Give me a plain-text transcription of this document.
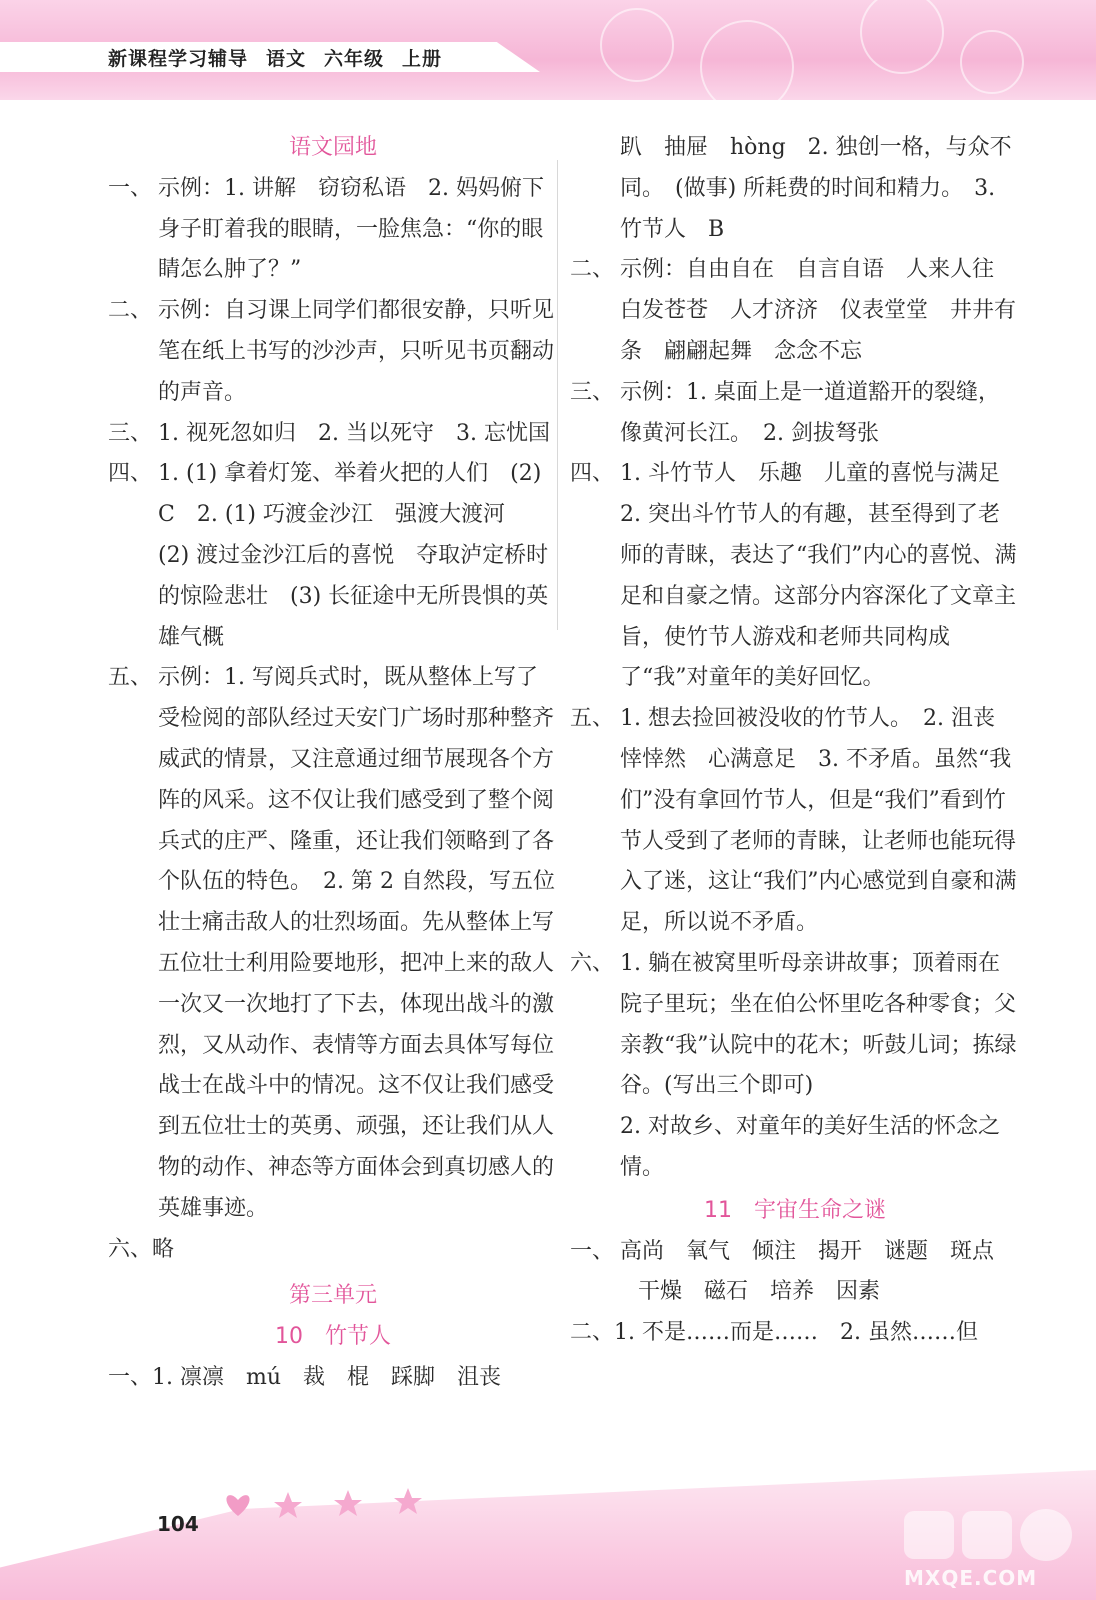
新课程学习辅导 语文 六年级 上册
语文园地
一、 示例：1. 讲解　窃窃私语　2. 妈妈俯下身子盯着我的眼睛，一脸焦急：“你的眼睛怎么肿了？”
二、 示例：自习课上同学们都很安静，只听见笔在纸上书写的沙沙声，只听见书页翻动的声音。
三、 1. 视死忽如归　2. 当以死守　3. 忘忧国
四、 1. (1) 拿着灯笼、举着火把的人们　(2) C　2. (1) 巧渡金沙江　强渡大渡河　(2) 渡过金沙江后的喜悦　夺取泸定桥时的惊险悲壮　(3) 长征途中无所畏惧的英雄气概
五、 示例：1. 写阅兵式时，既从整体上写了受检阅的部队经过天安门广场时那种整齐威武的情景，又注意通过细节展现各个方阵的风采。这不仅让我们感受到了整个阅兵式的庄严、隆重，还让我们领略到了各个队伍的特色。　2. 第 2 自然段，写五位壮士痛击敌人的壮烈场面。先从整体上写五位壮士利用险要地形，把冲上来的敌人一次又一次地打了下去，体现出战斗的激烈，又从动作、表情等方面去具体写每位战士在战斗中的情况。这不仅让我们感受到五位壮士的英勇、顽强，还让我们从人物的动作、神态等方面体会到真切感人的英雄事迹。
六、略
第三单元
10　竹节人
一、1. 凛凛　mú　裁　棍　踩脚　沮丧
趴　抽屉　hòng　2. 独创一格，与众不同。　(做事) 所耗费的时间和精力。　3. 竹节人　B
二、 示例：自由自在　自言自语　人来人往　白发苍苍　人才济济　仪表堂堂　井井有条　翩翩起舞　念念不忘
三、 示例：1. 桌面上是一道道豁开的裂缝，像黄河长江。　2. 剑拔弩张
四、 1. 斗竹节人　乐趣　儿童的喜悦与满足　2. 突出斗竹节人的有趣，甚至得到了老师的青睐，表达了“我们”内心的喜悦、满足和自豪之情。这部分内容深化了文章主旨，使竹节人游戏和老师共同构成了“我”对童年的美好回忆。
五、 1. 想去捡回被没收的竹节人。　2. 沮丧　悻悻然　心满意足　3. 不矛盾。虽然“我们”没有拿回竹节人，但是“我们”看到竹节人受到了老师的青睐，让老师也能玩得入了迷，这让“我们”内心感觉到自豪和满足，所以说不矛盾。
六、 1. 躺在被窝里听母亲讲故事；顶着雨在院子里玩；坐在伯公怀里吃各种零食；父亲教“我”认院中的花木；听鼓儿词；拣绿谷。(写出三个即可)
2. 对故乡、对童年的美好生活的怀念之情。
11　宇宙生命之谜
一、 高尚　氧气　倾注　揭开　谜题　斑点
干燥　磁石　培养　因素
二、1. 不是……而是……　2. 虽然……但
104
MXQE.COM
